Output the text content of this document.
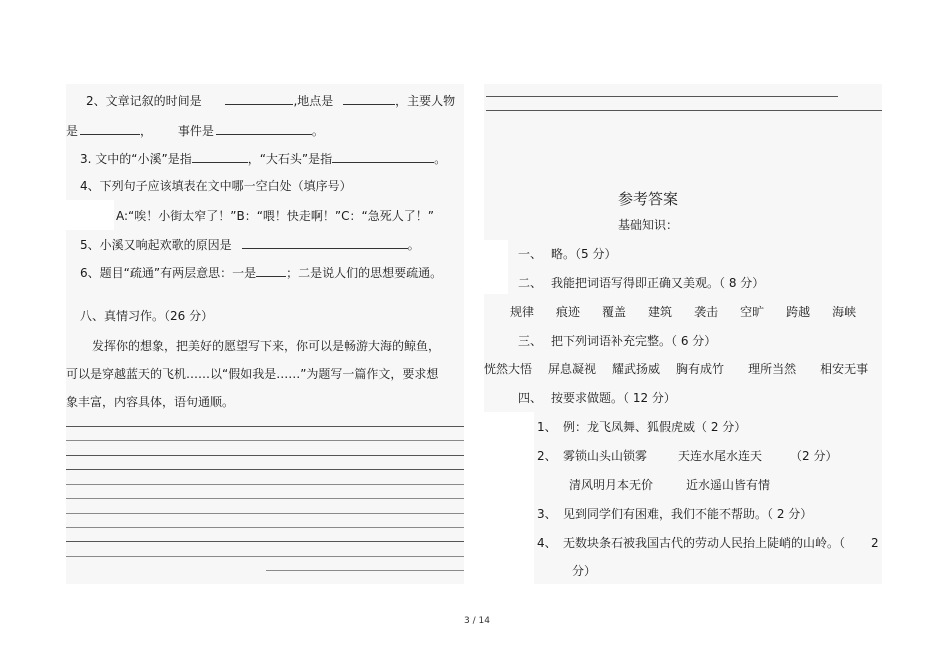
2、文章记叙的时间是	,地点是	，主要人物
是	， 事件是	。
3. 文中的“小溪”是指	，“大石头”是指	。
4、下列句子应该填表在文中哪一空白处（填序号）
A:“唉！小街太窄了！”B：“喂！快走啊！”C：“急死人了！”
5、小溪又响起欢歌的原因是	。
6、题目“疏通”有两层意思：一是	；二是说人们的思想要疏通。
八、真情习作。（26 分）
发挥你的想象，把美好的愿望写下来，你可以是畅游大海的鲸鱼，
可以是穿越蓝天的飞机……以“假如我是……”为题写一篇作文，要求想
象丰富，内容具体，语句通顺。
参考答案
基础知识：
一、 略。（5 分）
二、 我能把词语写得即正确又美观。（ 8 分）
规律 痕迹 覆盖 建筑 袭击 空旷 跨越 海峡
三、 把下列词语补充完整。（ 6 分）
恍然大悟 屏息凝视 耀武扬威 胸有成竹 理所当然 相安无事
四、 按要求做题。（ 12 分）
1、 例：龙飞凤舞、狐假虎威（ 2 分）
2、 雾锁山头山锁雾	天连水尾水连天 （2 分）
清风明月本无价	近水遥山皆有情
3、 见到同学们有困难，我们不能不帮助。（ 2 分）
4、 无数块条石被我国古代的劳动人民抬上陡峭的山岭。（ 2
分）
3 / 14
